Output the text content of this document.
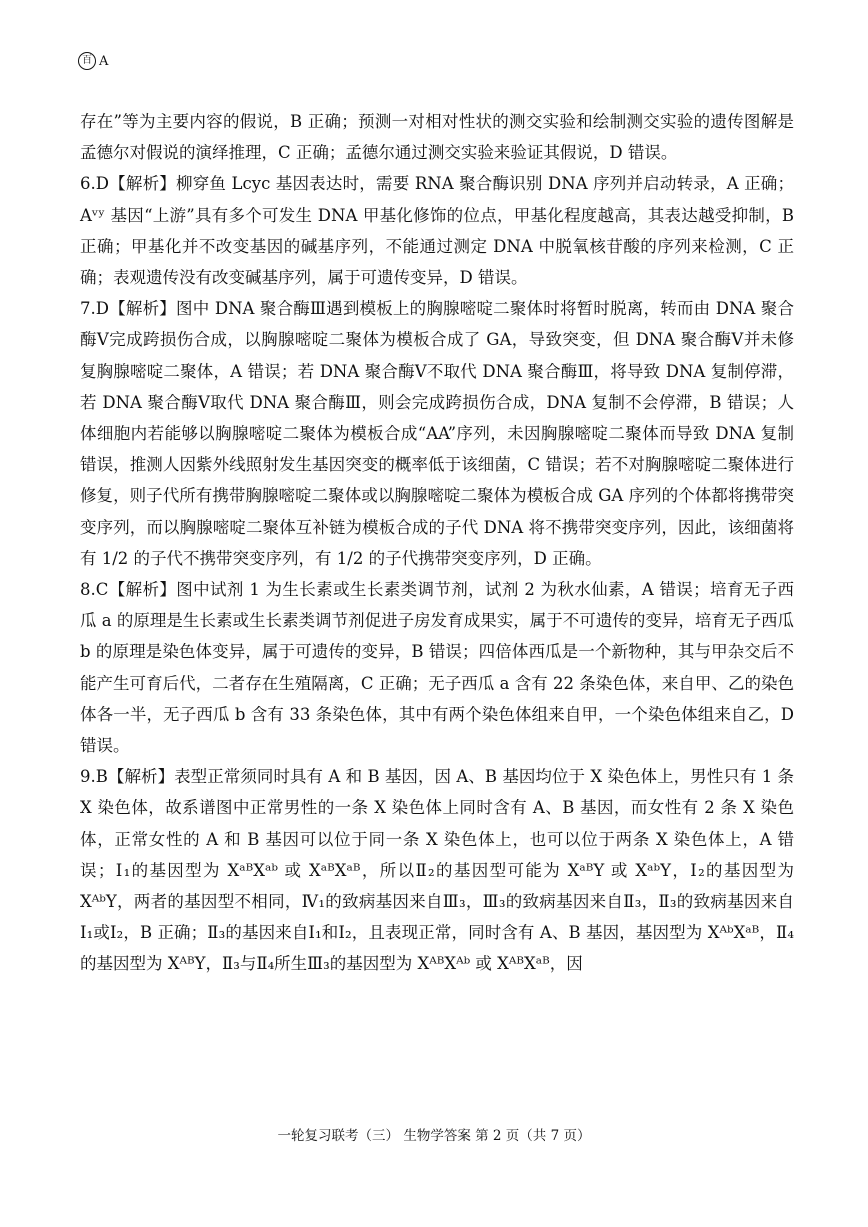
百 A

存在”等为主要内容的假说，B 正确；预测一对相对性状的测交实验和绘制测交实验的遗传图解是孟德尔对假说的演绎推理，C 正确；孟德尔通过测交实验来验证其假说，D 错误。

6.D【解析】柳穿鱼 Lcyc 基因表达时，需要 RNA 聚合酶识别 DNA 序列并启动转录，A 正确；Aᵛʸ 基因“上游”具有多个可发生 DNA 甲基化修饰的位点，甲基化程度越高，其表达越受抑制，B 正确；甲基化并不改变基因的碱基序列，不能通过测定 DNA 中脱氧核苷酸的序列来检测，C 正确；表观遗传没有改变碱基序列，属于可遗传变异，D 错误。

7.D【解析】图中 DNA 聚合酶Ⅲ遇到模板上的胸腺嘧啶二聚体时将暂时脱离，转而由 DNA 聚合酶Ⅴ完成跨损伤合成，以胸腺嘧啶二聚体为模板合成了 GA，导致突变，但 DNA 聚合酶Ⅴ并未修复胸腺嘧啶二聚体，A 错误；若 DNA 聚合酶Ⅴ不取代 DNA 聚合酶Ⅲ，将导致 DNA 复制停滞，若 DNA 聚合酶Ⅴ取代 DNA 聚合酶Ⅲ，则会完成跨损伤合成，DNA 复制不会停滞，B 错误；人体细胞内若能够以胸腺嘧啶二聚体为模板合成“AA”序列，未因胸腺嘧啶二聚体而导致 DNA 复制错误，推测人因紫外线照射发生基因突变的概率低于该细菌，C 错误；若不对胸腺嘧啶二聚体进行修复，则子代所有携带胸腺嘧啶二聚体或以胸腺嘧啶二聚体为模板合成 GA 序列的个体都将携带突变序列，而以胸腺嘧啶二聚体互补链为模板合成的子代 DNA 将不携带突变序列，因此，该细菌将有 1/2 的子代不携带突变序列，有 1/2 的子代携带突变序列，D 正确。

8.C【解析】图中试剂 1 为生长素或生长素类调节剂，试剂 2 为秋水仙素，A 错误；培育无子西瓜 a 的原理是生长素或生长素类调节剂促进子房发育成果实，属于不可遗传的变异，培育无子西瓜 b 的原理是染色体变异，属于可遗传的变异，B 错误；四倍体西瓜是一个新物种，其与甲杂交后不能产生可育后代，二者存在生殖隔离，C 正确；无子西瓜 a 含有 22 条染色体，来自甲、乙的染色体各一半，无子西瓜 b 含有 33 条染色体，其中有两个染色体组来自甲，一个染色体组来自乙，D 错误。

9.B【解析】表型正常须同时具有 A 和 B 基因，因 A、B 基因均位于 X 染色体上，男性只有 1 条 X 染色体，故系谱图中正常男性的一条 X 染色体上同时含有 A、B 基因，而女性有 2 条 X 染色体，正常女性的 A 和 B 基因可以位于同一条 X 染色体上，也可以位于两条 X 染色体上，A 错误；Ⅰ₁的基因型为 XᵃᴮXᵃᵇ 或 XᵃᴮXᵃᴮ，所以Ⅱ₂的基因型可能为 XᵃᴮY 或 XᵃᵇY，Ⅰ₂的基因型为 XᴬᵇY，两者的基因型不相同，Ⅳ₁的致病基因来自Ⅲ₃，Ⅲ₃的致病基因来自Ⅱ₃，Ⅱ₃的致病基因来自Ⅰ₁或Ⅰ₂，B 正确；Ⅱ₃的基因来自Ⅰ₁和Ⅰ₂，且表现正常，同时含有 A、B 基因，基因型为 XᴬᵇXᵃᴮ，Ⅱ₄的基因型为 XᴬᴮY，Ⅱ₃与Ⅱ₄所生Ⅲ₃的基因型为 XᴬᴮXᴬᵇ 或 XᴬᴮXᵃᴮ，因

一轮复习联考（三） 生物学答案 第 2 页（共 7 页）
